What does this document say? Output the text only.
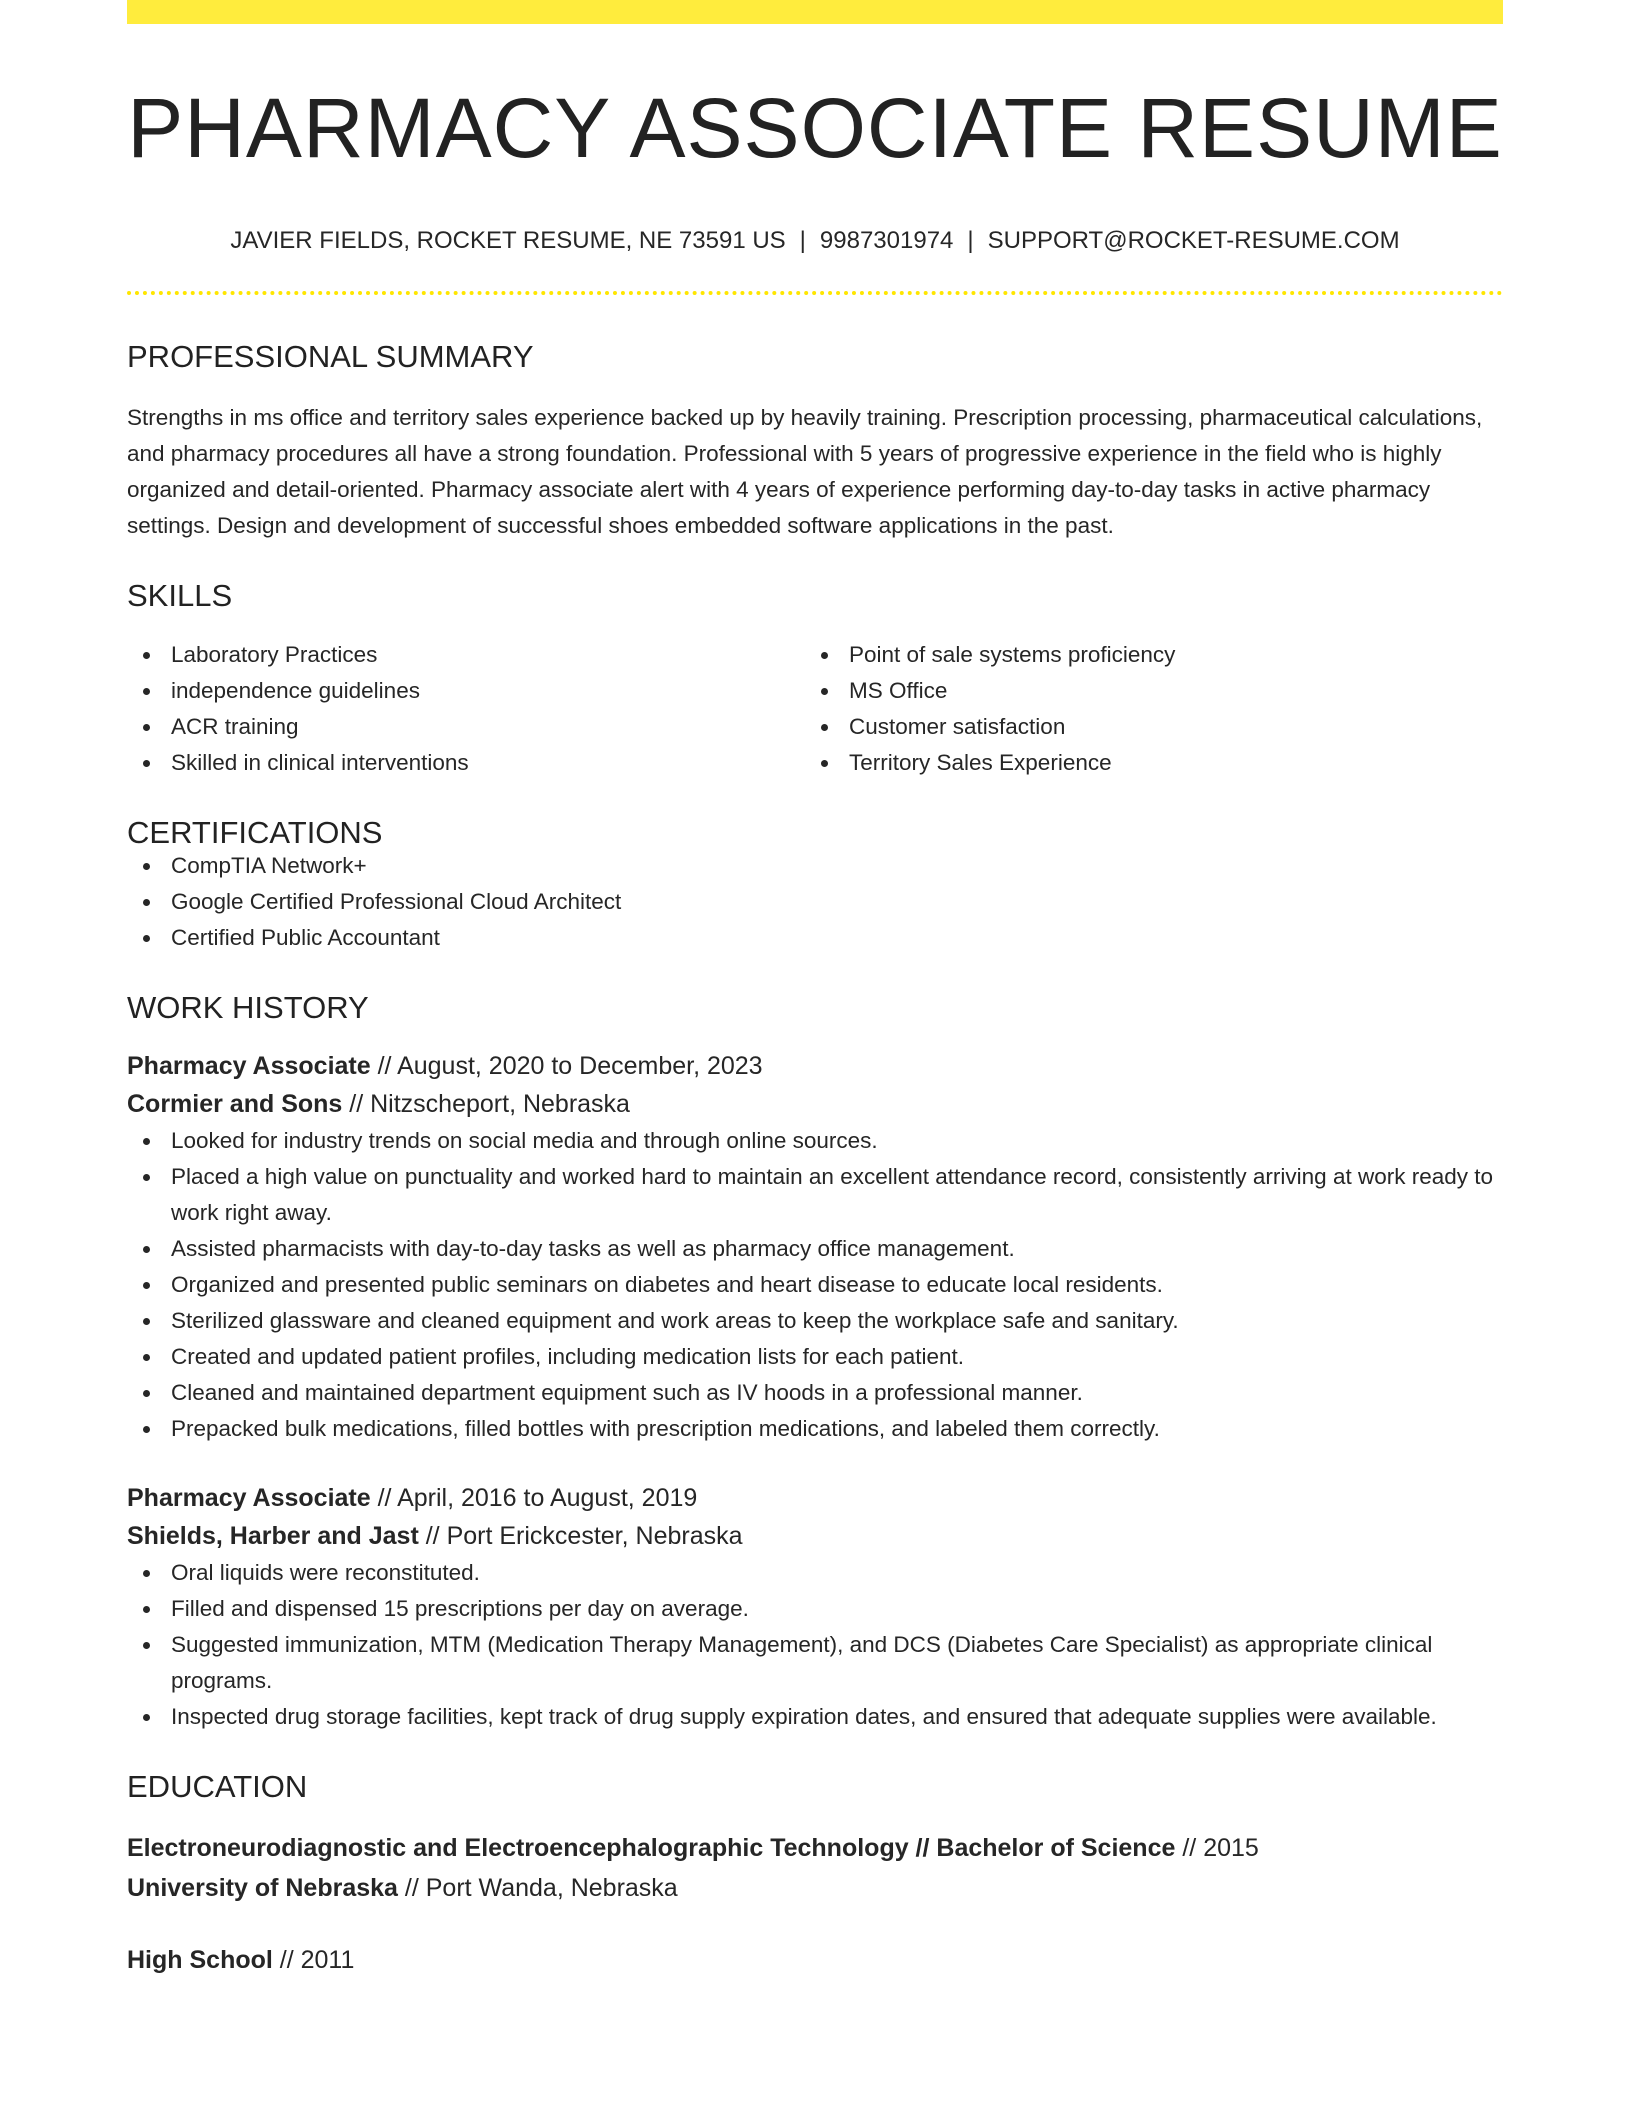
PHARMACY ASSOCIATE RESUME
JAVIER FIELDS, ROCKET RESUME, NE 73591 US | 9987301974 | SUPPORT@ROCKET-RESUME.COM
PROFESSIONAL SUMMARY

Strengths in ms office and territory sales experience backed up by heavily training. Prescription processing, pharmaceutical calculations, and pharmacy procedures all have a strong foundation. Professional with 5 years of progressive experience in the field who is highly organized and detail-oriented. Pharmacy associate alert with 4 years of experience performing day-to-day tasks in active pharmacy settings. Design and development of successful shoes embedded software applications in the past.

SKILLS
Laboratory Practices
independence guidelines
ACR training
Skilled in clinical interventions
Point of sale systems proficiency
MS Office
Customer satisfaction
Territory Sales Experience
CERTIFICATIONS
CompTIA Network+
Google Certified Professional Cloud Architect
Certified Public Accountant
WORK HISTORY
Pharmacy Associate // August, 2020 to December, 2023
Cormier and Sons // Nitzscheport, Nebraska
Looked for industry trends on social media and through online sources.
Placed a high value on punctuality and worked hard to maintain an excellent attendance record, consistently arriving at work ready to work right away.
Assisted pharmacists with day-to-day tasks as well as pharmacy office management.
Organized and presented public seminars on diabetes and heart disease to educate local residents.
Sterilized glassware and cleaned equipment and work areas to keep the workplace safe and sanitary.
Created and updated patient profiles, including medication lists for each patient.
Cleaned and maintained department equipment such as IV hoods in a professional manner.
Prepacked bulk medications, filled bottles with prescription medications, and labeled them correctly.
Pharmacy Associate // April, 2016 to August, 2019
Shields, Harber and Jast // Port Erickcester, Nebraska
Oral liquids were reconstituted.
Filled and dispensed 15 prescriptions per day on average.
Suggested immunization, MTM (Medication Therapy Management), and DCS (Diabetes Care Specialist) as appropriate clinical programs.
Inspected drug storage facilities, kept track of drug supply expiration dates, and ensured that adequate supplies were available.
EDUCATION
Electroneurodiagnostic and Electroencephalographic Technology // Bachelor of Science // 2015
University of Nebraska // Port Wanda, Nebraska
High School // 2011
